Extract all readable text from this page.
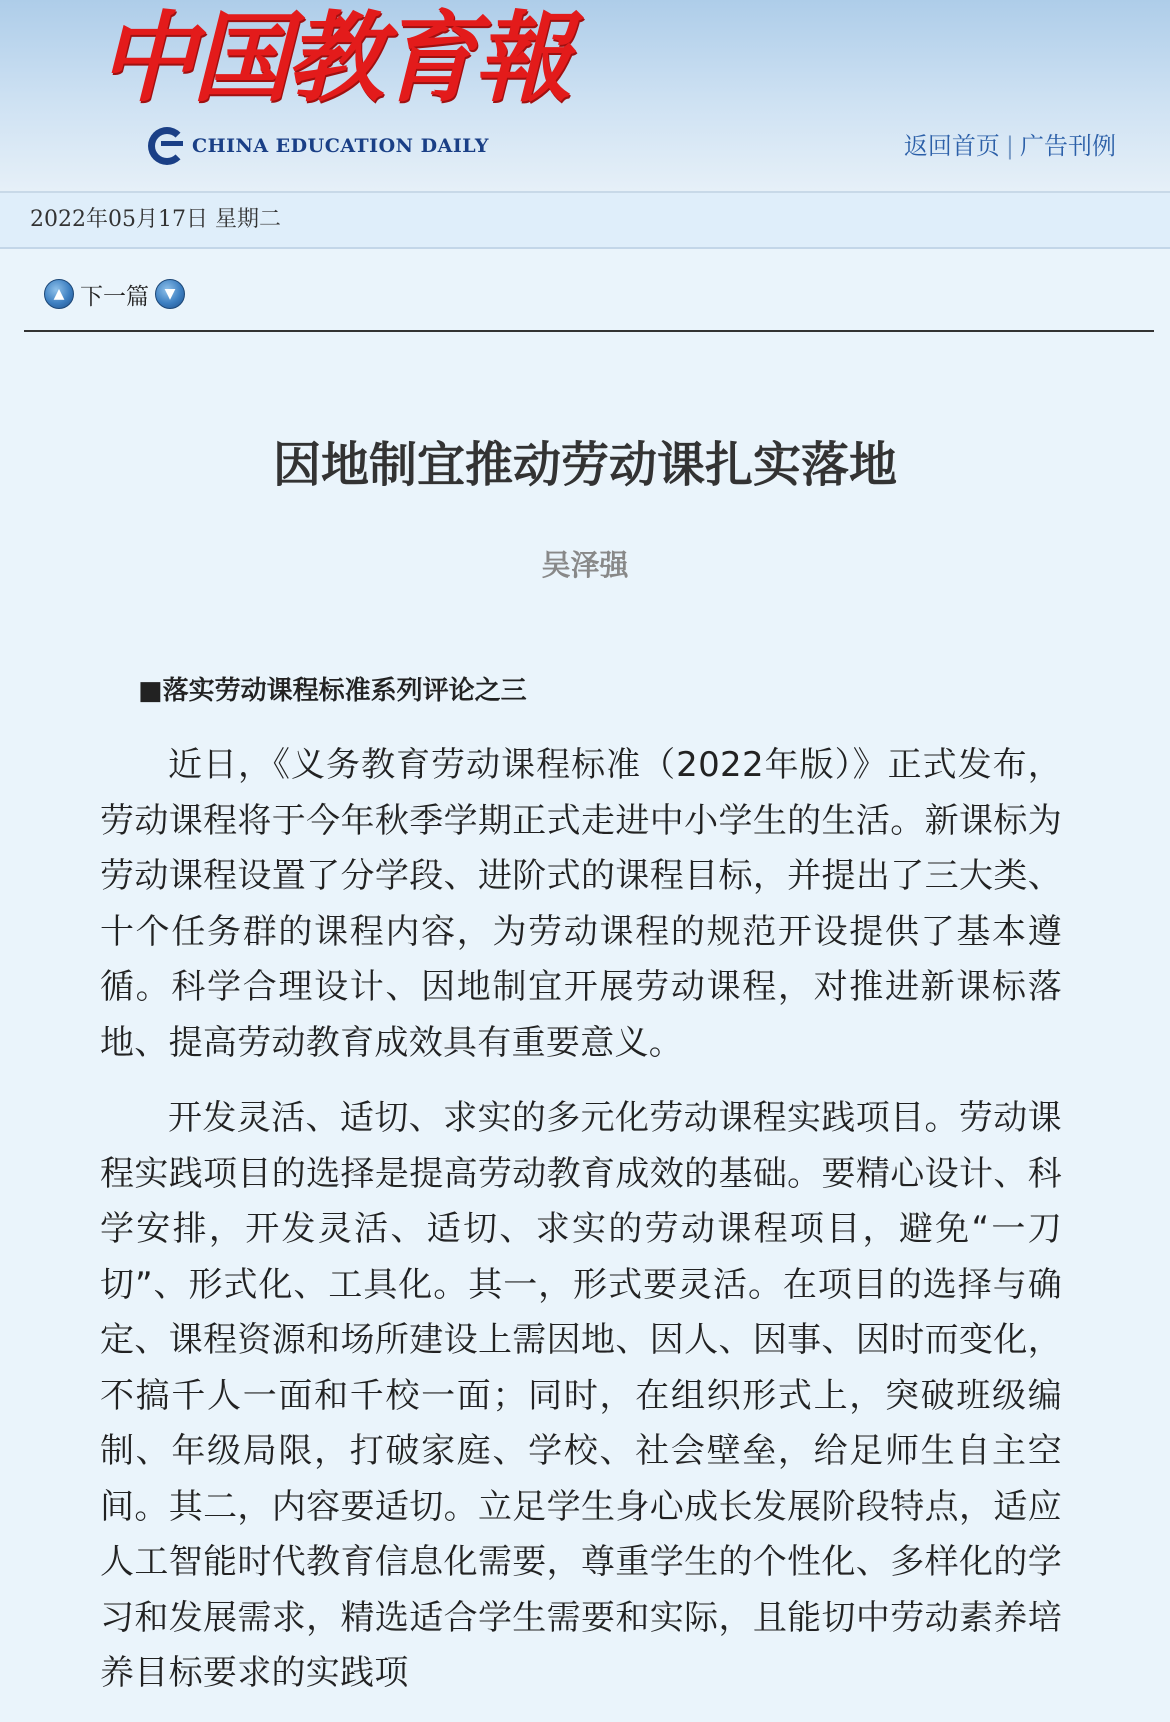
中国教育報
CHINA EDUCATION DAILY	返回首页 | 广告刊例
2022年05月17日 星期二
▲ 下一篇	▼
因地制宜推动劳动课扎实落地
吴泽强
■落实劳动课程标准系列评论之三

近日，《义务教育劳动课程标准（2022年版）》正式发布，劳动课程将于今年秋季学期正式走进中小学生的生活。新课标为劳动课程设置了分学段、进阶式的课程目标，并提出了三大类、十个任务群的课程内容，为劳动课程的规范开设提供了基本遵循。科学合理设计、因地制宜开展劳动课程，对推进新课标落地、提高劳动教育成效具有重要意义。

开发灵活、适切、求实的多元化劳动课程实践项目。劳动课程实践项目的选择是提高劳动教育成效的基础。要精心设计、科学安排，开发灵活、适切、求实的劳动课程项目，避免“一刀切”、形式化、工具化。其一，形式要灵活。在项目的选择与确定、课程资源和场所建设上需因地、因人、因事、因时而变化，不搞千人一面和千校一面；同时，在组织形式上，突破班级编制、年级局限，打破家庭、学校、社会壁垒，给足师生自主空间。其二，内容要适切。立足学生身心成长发展阶段特点，适应人工智能时代教育信息化需要，尊重学生的个性化、多样化的学习和发展需求，精选适合学生需要和实际，且能切中劳动素养培养目标要求的实践项
